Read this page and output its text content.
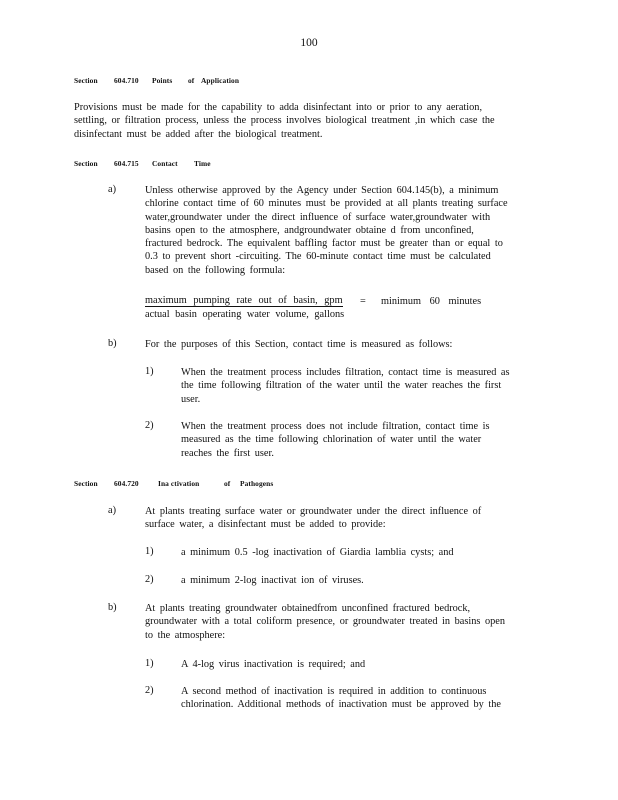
100
Section 604.710 Points of Application
Provisions must be made for the capability to adda disinfectant into or prior to any aeration,
settling, or filtration process, unless the process involves biological treatment ,in which case the
disinfectant must be added after the biological treatment.
Section 604.715 Contact Time
a)	Unless otherwise approved by the Agency under Section 604.145(b), a minimum
chlorine contact time of 60 minutes must be provided at all plants treating surface
water,groundwater under the direct influence of surface water,groundwater with
basins open to the atmosphere, andgroundwater obtaine d from unconfined,
fractured bedrock. The equivalent baffling factor must be greater than or equal to
0.3 to prevent short -circuiting. The 60-minute contact time must be calculated
based on the following formula:
maximum pumping rate out of basin, gpm = minimum 60 minutes
actual basin operating water volume, gallons
b)	For the purposes of this Section, contact time is measured as follows:
1)	When the treatment process includes filtration, contact time is measured as
the time following filtration of the water until the water reaches the first
user.
2)	When the treatment process does not include filtration, contact time is
measured as the time following chlorination of water until the water
reaches the first user.
Section 604.720	Ina ctivation	of Pathogens
a)	At plants treating surface water or groundwater under the direct influence of
surface water, a disinfectant must be added to provide:
1)	a minimum 0.5 -log inactivation of Giardia lamblia cysts; and
2)	a minimum 2-log inactivat ion of viruses.
b)	At plants treating groundwater obtainedfrom unconfined fractured bedrock,
groundwater with a total coliform presence, or groundwater treated in basins open
to the atmosphere:
1)	A 4-log virus inactivation is required; and
2)	A second method of inactivation is required in addition to continuous
chlorination. Additional methods of inactivation must be approved by the
